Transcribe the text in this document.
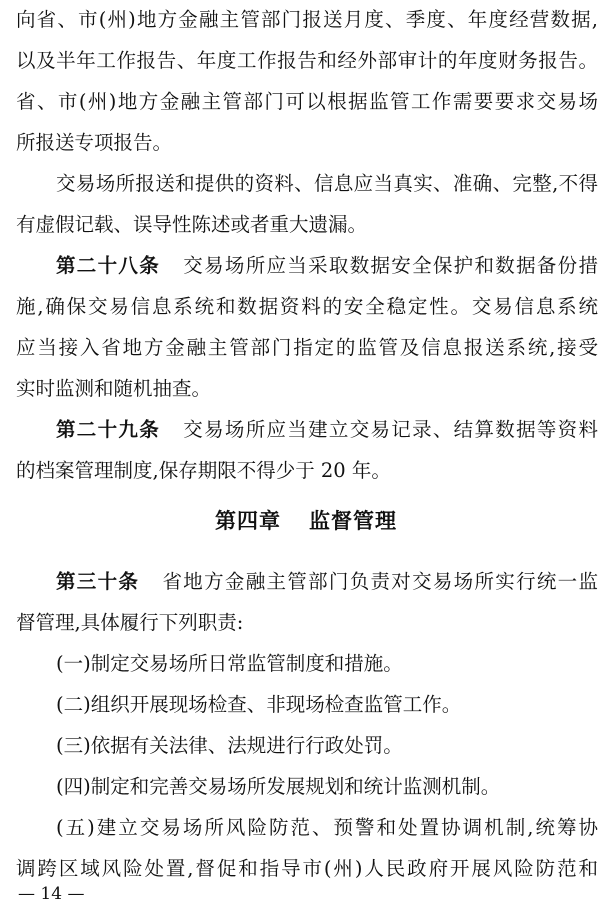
向省、市(州)地方金融主管部门报送月度、季度、年度经营数据,
以及半年工作报告、年度工作报告和经外部审计的年度财务报告。
省、市(州)地方金融主管部门可以根据监管工作需要要求交易场
所报送专项报告。
交易场所报送和提供的资料、信息应当真实、准确、完整,不得
有虚假记载、误导性陈述或者重大遗漏。
第二十八条 交易场所应当采取数据安全保护和数据备份措
施,确保交易信息系统和数据资料的安全稳定性。交易信息系统
应当接入省地方金融主管部门指定的监管及信息报送系统,接受
实时监测和随机抽查。
第二十九条 交易场所应当建立交易记录、结算数据等资料
的档案管理制度,保存期限不得少于 20 年。
第四章 监督管理
第三十条 省地方金融主管部门负责对交易场所实行统一监
督管理,具体履行下列职责:
(一)制定交易场所日常监管制度和措施。
(二)组织开展现场检查、非现场检查监管工作。
(三)依据有关法律、法规进行行政处罚。
(四)制定和完善交易场所发展规划和统计监测机制。
(五)建立交易场所风险防范、预警和处置协调机制,统筹协
调跨区域风险处置,督促和指导市(州)人民政府开展风险防范和
— 14 —
